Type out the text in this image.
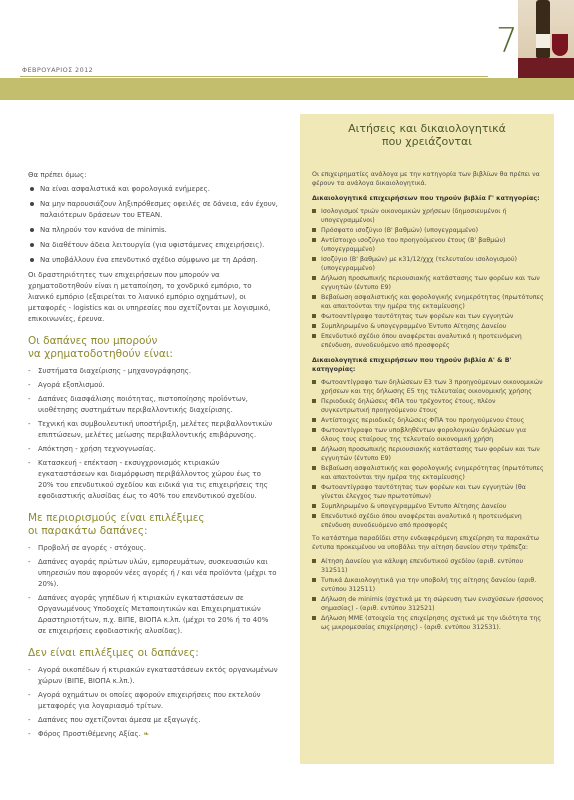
ΦΕΒΡΟΥΑΡΙΟΣ 2012
7

Θα πρέπει όμως:

Να είναι ασφαλιστικά και φορολογικά ενήμερες.
Να μην παρουσιάζουν ληξιπρόθεσμες οφειλές σε δάνεια, εάν έχουν, παλαιότερων δράσεων του ΕΤΕΑΝ.
Να πληρούν τον κανόνα de minimis.
Να διαθέτουν άδεια λειτουργία (για υφιστάμενες επιχειρήσεις).
Να υποβάλλουν ένα επενδυτικό σχέδιο σύμφωνο με τη Δράση.

Οι δραστηριότητες των επιχειρήσεων που μπορούν να χρηματοδοτηθούν είναι η μεταποίηση, το χονδρικό εμπόριο, το λιανικό εμπόριο (εξαιρείται το λιανικό εμπόριο οχημάτων), οι μεταφορές - logistics και οι υπηρεσίες που σχετίζονται με λογισμικό, επικοινωνίες, έρευνα.

Οι δαπάνες που μπορούν
να χρηματοδοτηθούν είναι:
- Συστήματα διαχείρισης - μηχανογράφησης.
- Αγορά εξοπλισμού.
- Δαπάνες διασφάλισης ποιότητας, πιστοποίησης προϊόντων, υιοθέτησης συστημάτων περιβαλλοντικής διαχείρισης.
- Τεχνική και συμβουλευτική υποστήριξη, μελέτες περιβαλλοντικών επιπτώσεων, μελέτες μείωσης περιβαλλοντικής επιβάρυνσης.
- Απόκτηση - χρήση τεχνογνωσίας.
- Κατασκευή - επέκταση - εκσυγχρονισμός κτιριακών εγκαταστάσεων και διαμόρφωση περιβάλλοντος χώρου έως το 20% του επενδυτικού σχεδίου και ειδικά για τις επιχειρήσεις της εφοδιαστικής αλυσίδας έως το 40% του επενδυτικού σχεδίου.
Με περιορισμούς είναι επιλέξιμες
οι παρακάτω δαπάνες:
- Προβολή σε αγορές - στόχους.
- Δαπάνες αγοράς πρώτων υλών, εμπορευμάτων, συσκευασιών και υπηρεσιών που αφορούν νέες αγορές ή / και νέα προϊόντα (μέχρι το 20%).
- Δαπάνες αγοράς γηπέδων ή κτιριακών εγκαταστάσεων σε Οργανωμένους Υποδοχείς Μεταποιητικών και Επιχειρηματικών Δραστηριοτήτων, π.χ. ΒΙΠΕ, ΒΙΟΠΑ κ.λπ. (μέχρι το 20% ή το 40% σε επιχειρήσεις εφοδιαστικής αλυσίδας).
Δεν είναι επιλέξιμες οι δαπάνες:
- Αγορά οικοπέδων ή κτιριακών εγκαταστάσεων εκτός οργανωμένων χώρων (ΒΙΠΕ, ΒΙΟΠΑ κ.λπ.).
- Αγορά οχημάτων οι οποίες αφορούν επιχειρήσεις που εκτελούν μεταφορές για λογαριασμό τρίτων.
- Δαπάνες που σχετίζονται άμεσα με εξαγωγές.
- Φόρος Προστιθέμενης Αξίας. ❧
Αιτήσεις και δικαιολογητικά
που χρειάζονται

Οι επιχειρηματίες ανάλογα με την κατηγορία των βιβλίων θα πρέπει να φέρουν τα ανάλογα δικαιολογητικά.

Δικαιολογητικά επιχειρήσεων που τηρούν βιβλία Γ' κατηγορίας:
Ισολογισμοί τριών οικονομικών χρήσεων (δημοσιευμένοι ή υπογεγραμμένοι)
Πρόσφατο ισοζύγιο (Β' βαθμών) (υπογεγραμμένο)
Αντίστοιχο ισοζύγιο του προηγούμενου έτους (Β' βαθμών) (υπογεγραμμένο)
Ισοζύγιο (Β' βαθμών) με κ31/12/χχχ (τελευταίου ισολογισμού) (υπογεγραμμένο)
Δήλωση προσωπικής περιουσιακής κατάστασης των φορέων και των εγγυητών (έντυπο Ε9)
Βεβαίωση ασφαλιστικής και φορολογικής ενημερότητας (πρωτότυπες και απαιτούνται την ημέρα της εκταμίευσης)
Φωτοαντίγραφο ταυτότητας των φορέων και των εγγυητών
Συμπληρωμένο & υπογεγραμμένο Έντυπο Αίτησης Δανείου
Επενδυτικό σχέδιο όπου αναφέρεται αναλυτικά η προτεινόμενη επένδυση, συνοδευόμενο από προσφορές
Δικαιολογητικά επιχειρήσεων που τηρούν βιβλία Α' & Β' κατηγορίας:
Φωτοαντίγραφο των δηλώσεων Ε3 των 3 προηγούμενων οικονομικών χρήσεων και της δήλωσης Ε5 της τελευταίας οικονομικής χρήσης
Περιοδικές δηλώσεις ΦΠΑ του τρέχοντος έτους, πλέον συγκεντρωτική προηγούμενου έτους
Αντίστοιχες περιοδικές δηλώσεις ΦΠΑ του προηγούμενου έτους
Φωτοαντίγραφο των υποβληθέντων φορολογικών δηλώσεων για όλους τους εταίρους της τελευταίο οικονομική χρήση
Δήλωση προσωπικής περιουσιακής κατάστασης των φορέων και των εγγυητών (έντυπο Ε9)
Βεβαίωση ασφαλιστικής και φορολογικής ενημερότητας (πρωτότυπες και απαιτούνται την ημέρα της εκταμίευσης)
Φωτοαντίγραφο ταυτότητας των φορέων και των εγγυητών (θα γίνεται έλεγχος των πρωτοτύπων)
Συμπληρωμένο & υπογεγραμμένο Έντυπο Αίτησης Δανείου
Επενδυτικό σχέδιο όπου αναφέρεται αναλυτικά η προτεινόμενη επένδυση συνοδευόμενο από προσφορές

Το κατάστημα παραδίδει στην ενδιαφερόμενη επιχείρηση τα παρακάτω έντυπα προκειμένου να υποβάλει την αίτηση δανείου στην τράπεζα:

Αίτηση Δανείου για κάλυψη επενδυτικού σχεδίου (αριθ. εντύπου 312511)
Τυπικά Δικαιολογητικά για την υποβολή της αίτησης δανείου (αριθ. εντύπου 312511)
Δήλωση de minimis (σχετικά με τη σώρευση των ενισχύσεων ήσσονος σημασίας) - (αριθ. εντύπου 312521)
Δήλωση ΜΜΕ (στοιχεία της επιχείρησης σχετικά με την ιδιότητα της ως μικρομεσαίας επιχείρησης) - (αριθ. εντύπου 312531).
